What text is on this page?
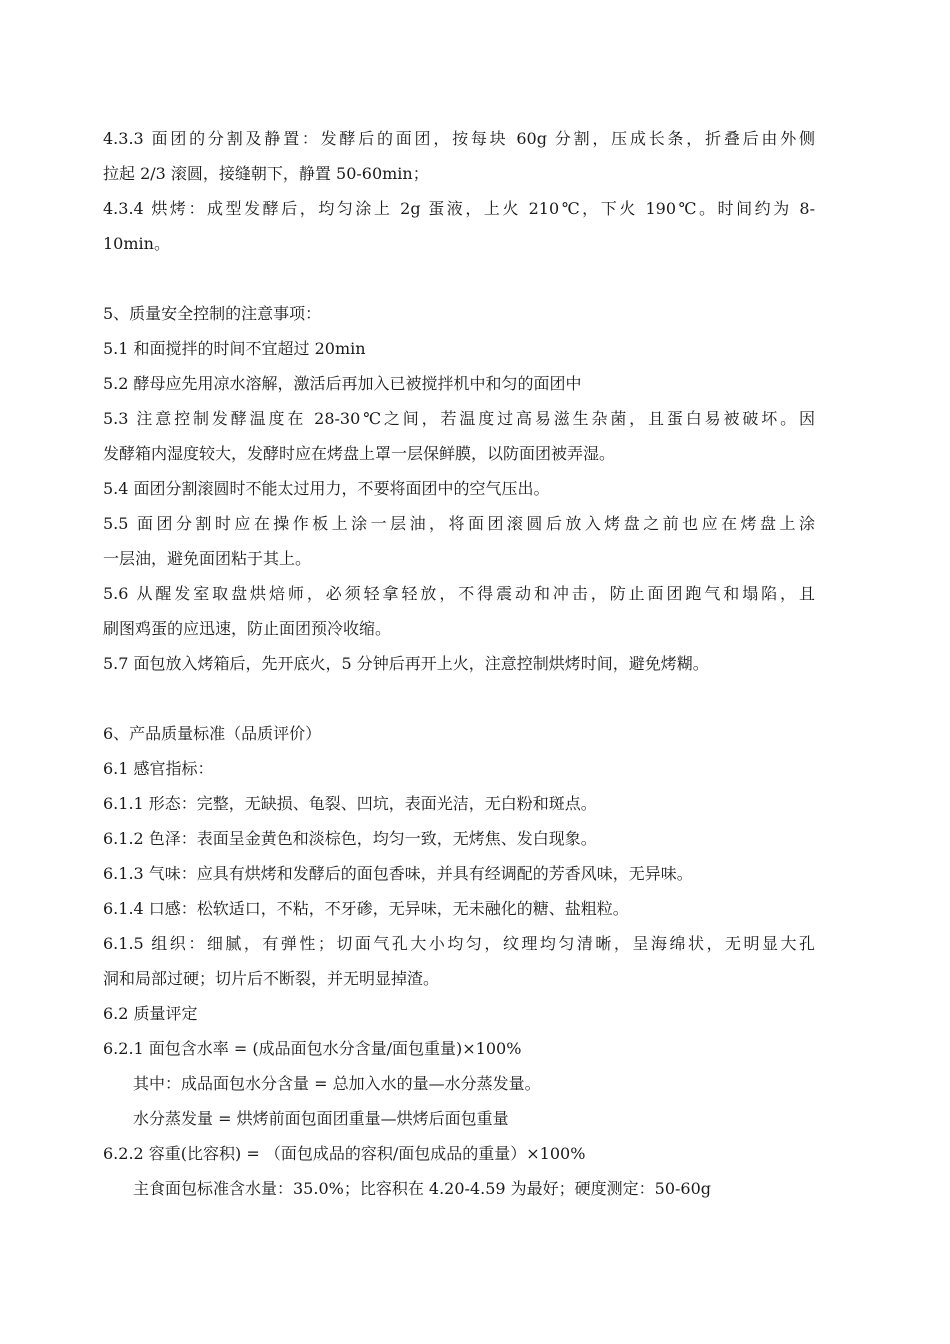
4.3.3 面团的分割及静置：发酵后的面团，按每块 60g 分割，压成长条，折叠后由外侧
拉起 2/3 滚圆，接缝朝下，静置 50-60min；
4.3.4 烘烤：成型发酵后，均匀涂上 2g 蛋液，上火 210℃，下火 190℃。时间约为 8-
10min。
5、质量安全控制的注意事项：
5.1 和面搅拌的时间不宜超过 20min
5.2 酵母应先用凉水溶解，激活后再加入已被搅拌机中和匀的面团中
5.3 注意控制发酵温度在 28-30℃之间，若温度过高易滋生杂菌，且蛋白易被破坏。因
发酵箱内湿度较大，发酵时应在烤盘上罩一层保鲜膜，以防面团被弄湿。
5.4 面团分割滚圆时不能太过用力，不要将面团中的空气压出。
5.5 面团分割时应在操作板上涂一层油，将面团滚圆后放入烤盘之前也应在烤盘上涂
一层油，避免面团粘于其上。
5.6 从醒发室取盘烘焙师，必须轻拿轻放，不得震动和冲击，防止面团跑气和塌陷，且
刷图鸡蛋的应迅速，防止面团预冷收缩。
5.7 面包放入烤箱后，先开底火，5 分钟后再开上火，注意控制烘烤时间，避免烤糊。
6、产品质量标准（品质评价）
6.1 感官指标：
6.1.1 形态：完整，无缺损、龟裂、凹坑，表面光洁，无白粉和斑点。
6.1.2 色泽：表面呈金黄色和淡棕色，均匀一致，无烤焦、发白现象。
6.1.3 气味：应具有烘烤和发酵后的面包香味，并具有经调配的芳香风味，无异味。
6.1.4 口感：松软适口，不粘，不牙碜，无异味，无未融化的糖、盐粗粒。
6.1.5 组织：细腻，有弹性；切面气孔大小均匀，纹理均匀清晰，呈海绵状，无明显大孔
洞和局部过硬；切片后不断裂，并无明显掉渣。
6.2 质量评定
6.2.1 面包含水率 = (成品面包水分含量/面包重量)×100%
其中：成品面包水分含量 = 总加入水的量—水分蒸发量。
水分蒸发量 = 烘烤前面包面团重量—烘烤后面包重量
6.2.2 容重(比容积) = （面包成品的容积/面包成品的重量）×100%
主食面包标准含水量：35.0%；比容积在 4.20-4.59 为最好；硬度测定：50-60g
